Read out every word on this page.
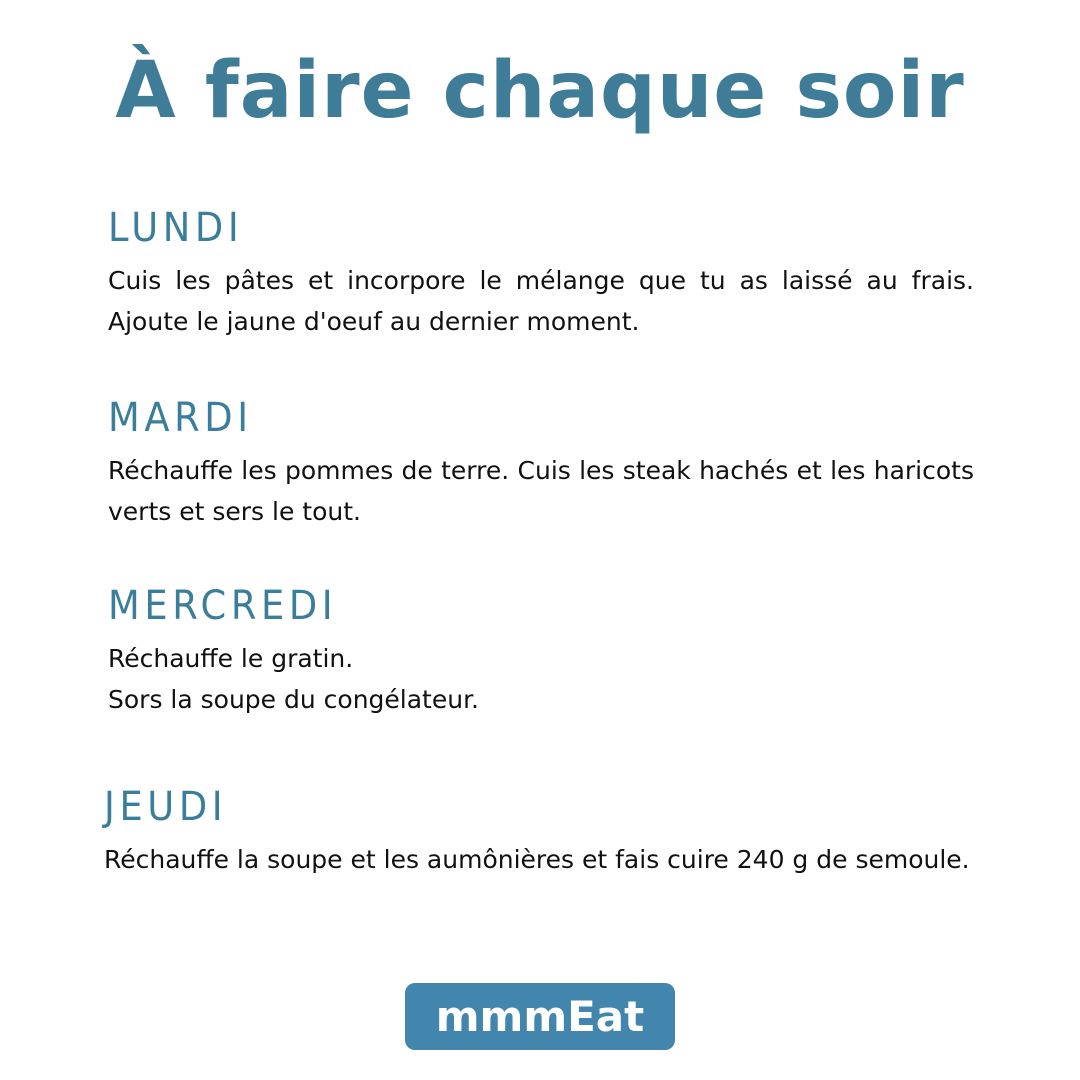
À faire chaque soir
LUNDI

Cuis les pâtes et incorpore le mélange que tu as laissé au frais. Ajoute le jaune d'oeuf au dernier moment.

MARDI

Réchauffe les pommes de terre. Cuis les steak hachés et les haricots verts et sers le tout.

MERCREDI

Réchauffe le gratin.
Sors la soupe du congélateur.

JEUDI

Réchauffe la soupe et les aumônières et fais cuire 240 g de semoule.

mmmEat
